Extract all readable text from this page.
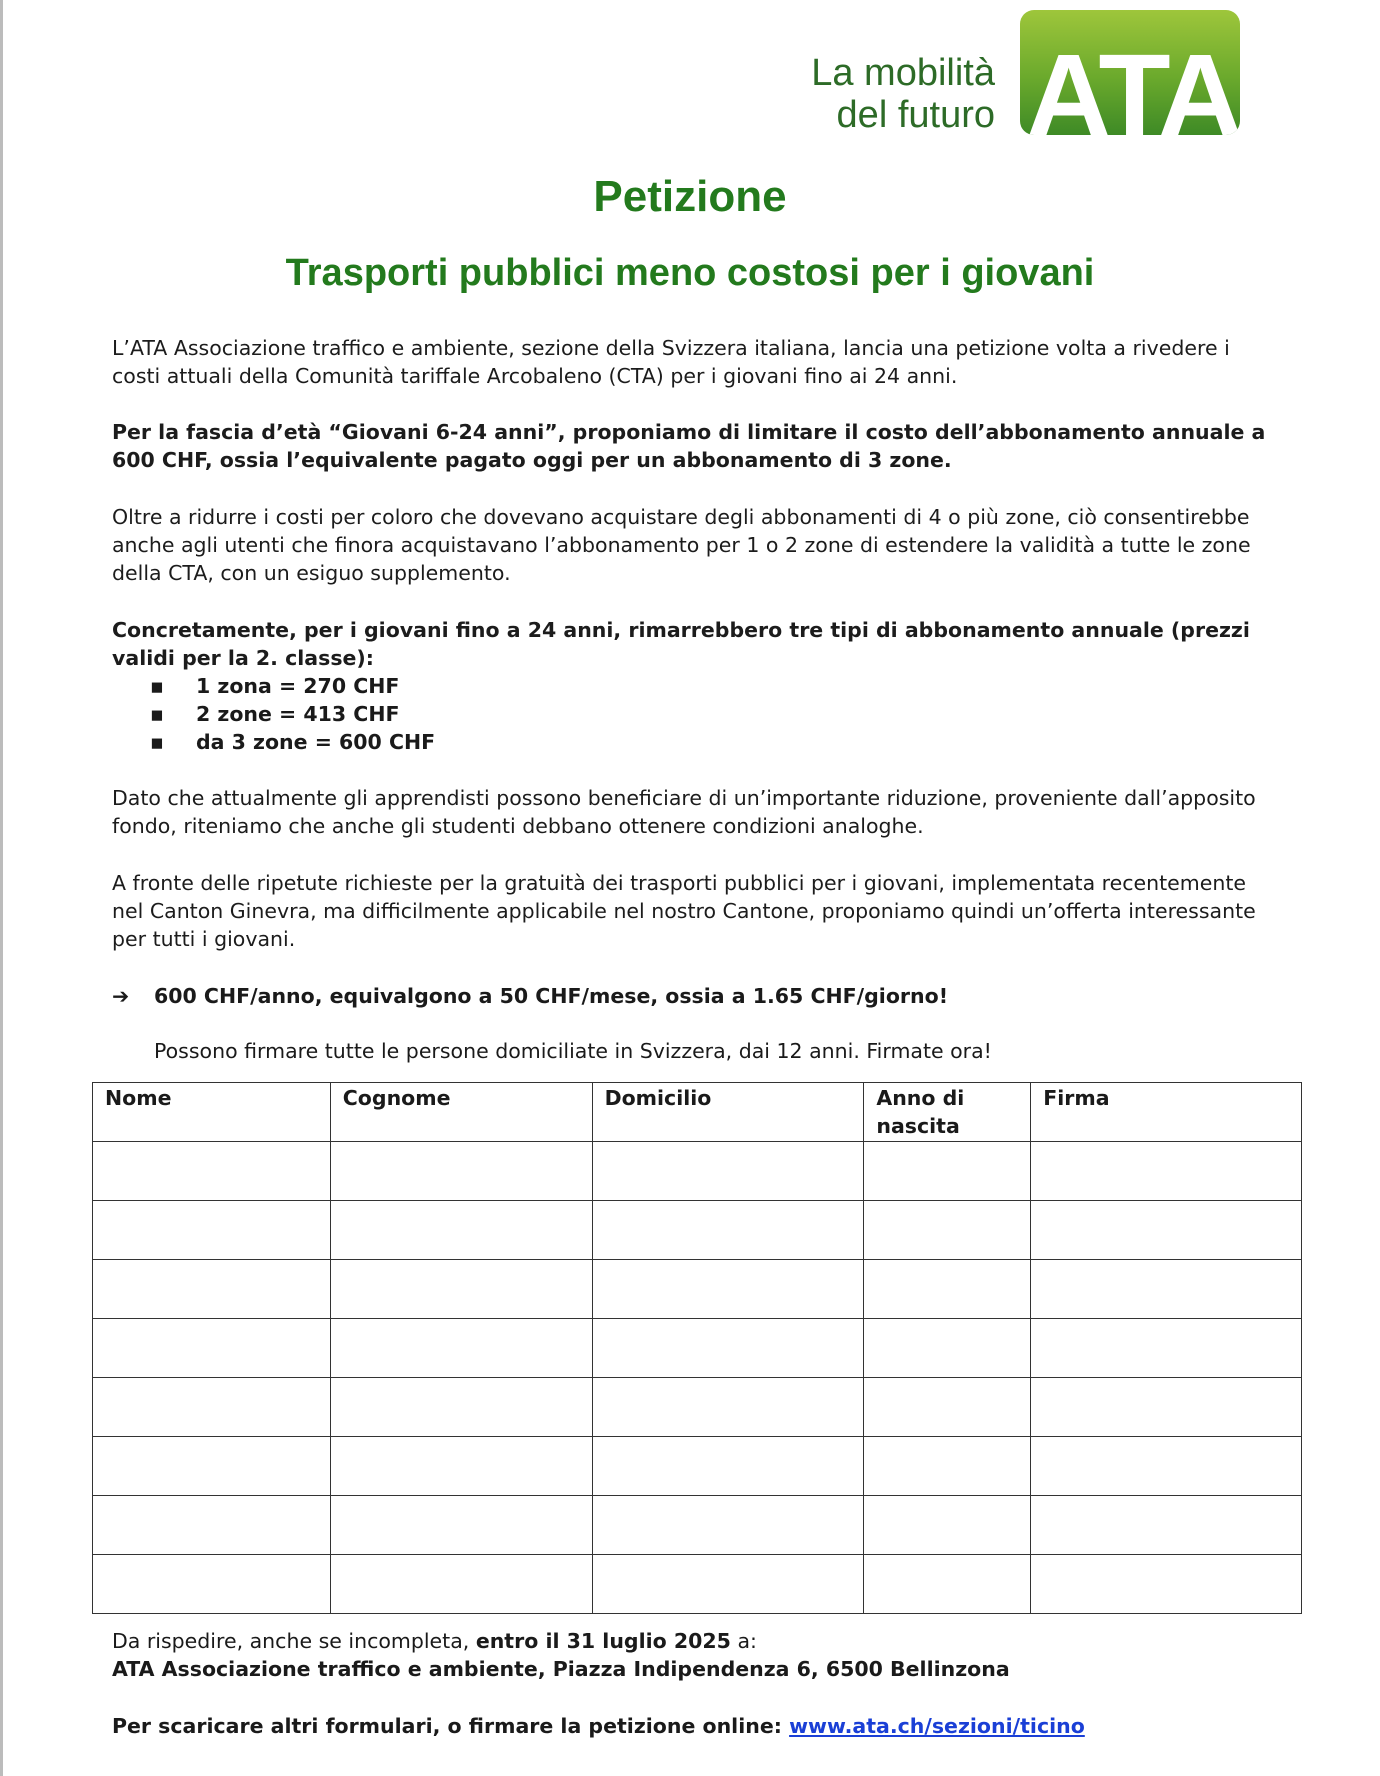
La mobilità
del futuro ATA
Petizione
Trasporti pubblici meno costosi per i giovani
L’ATA Associazione traffico e ambiente, sezione della Svizzera italiana, lancia una petizione volta a rivedere i costi attuali della Comunità tariffale Arcobaleno (CTA) per i giovani fino ai 24 anni.
Per la fascia d’età “Giovani 6-24 anni”, proponiamo di limitare il costo dell’abbonamento annuale a 600 CHF, ossia l’equivalente pagato oggi per un abbonamento di 3 zone.
Oltre a ridurre i costi per coloro che dovevano acquistare degli abbonamenti di 4 o più zone, ciò consentirebbe anche agli utenti che finora acquistavano l’abbonamento per 1 o 2 zone di estendere la validità a tutte le zone della CTA, con un esiguo supplemento.
Concretamente, per i giovani fino a 24 anni, rimarrebbero tre tipi di abbonamento annuale (prezzi validi per la 2. classe):
▪	1 zona = 270 CHF
▪	2 zone = 413 CHF
▪	da 3 zone = 600 CHF
Dato che attualmente gli apprendisti possono beneficiare di un’importante riduzione, proveniente dall’apposito fondo, riteniamo che anche gli studenti debbano ottenere condizioni analoghe.
A fronte delle ripetute richieste per la gratuità dei trasporti pubblici per i giovani, implementata recentemente nel Canton Ginevra, ma difficilmente applicabile nel nostro Cantone, proponiamo quindi un’offerta interessante per tutti i giovani.
➔ 600 CHF/anno, equivalgono a 50 CHF/mese, ossia a 1.65 CHF/giorno!
Possono firmare tutte le persone domiciliate in Svizzera, dai 12 anni. Firmate ora!
Nome	Cognome	Domicilio	Anno di nascita	Firma

Da rispedire, anche se incompleta, entro il 31 luglio 2025 a:
ATA Associazione traffico e ambiente, Piazza Indipendenza 6, 6500 Bellinzona
Per scaricare altri formulari, o firmare la petizione online: www.ata.ch/sezioni/ticino
